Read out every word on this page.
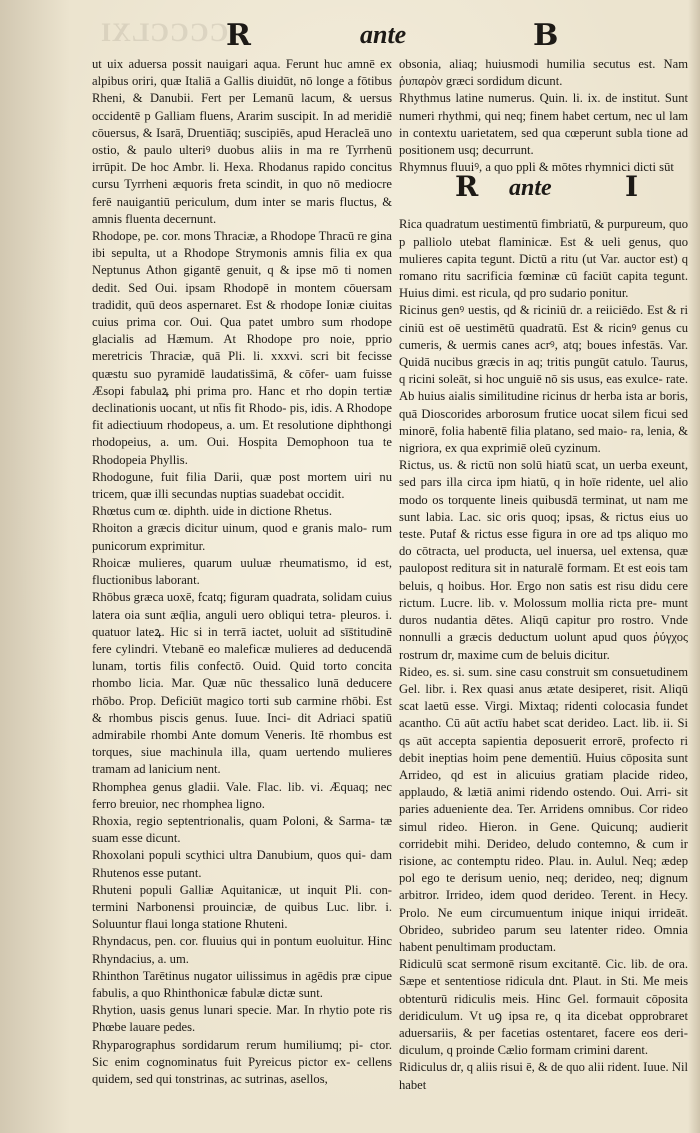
CCCCLXI
R	ante	B

ut uix aduersa possit nauigari aqua. Ferunt huc amnē ex alpibus oriri, quæ Italiā a Gallis diuidūt, nō longe a fōtibus Rheni, & Danubii. Fert per Lemanū lacum, & uersus occidentē p Galliam fluens, Ararim suscipit. In ad meridiē cōuersus, & Isarā, Druentiāq; suscipiēs, apud Heracleā uno ostio, & paulo ulteriꝰ duobus aliis in ma re Tyrrhenū irrūpit. De hoc Ambr. li. Hexa. Rhodanus rapido concitus cursu Tyrrheni æquoris freta scindit, in quo nō mediocre ferē nauigantiū periculum, dum inter se maris fluctus, & amnis fluenta decernunt.

Rhodope, pe. cor. mons Thraciæ, a Rhodope Thracū re gina ibi sepulta, ut a Rhodope Strymonis amnis filia ex qua Neptunus Athon gigantē genuit, q & ipse mō ti nomen dedit. Sed Oui. ipsam Rhodopē in montem cōuersam tradidit, quū deos aspernaret. Est & rhodope Ioniæ ciuitas cuius prima cor. Oui. Qua patet umbro sum rhodope glacialis ad Hæmum. At Rhodope pro noie, pprio meretricis Thraciæ, quā Pli. li. xxxvi. scri bit fecisse quæstu suo pyramidē laudatiss̄imā, & cōfer- uam fuisse Æsopi fabulaꝝ phi prima pro. Hanc et rho dopin tertiæ declinationis uocant, ut nt̄is fit Rhodo- pis, idis. A Rhodope fit adiectiuum rhodopeus, a. um. Et resolutione diphthongi rhodopeius, a. um. Oui. Hospita Demophoon tua te Rhodopeia Phyllis.

Rhodogune, fuit filia Darii, quæ post mortem uiri nu tricem, quæ illi secundas nuptias suadebat occidit.

Rhœtus cum œ. diphth. uide in dictione Rhetus.

Rhoiton a græcis dicitur uinum, quod e granis malo- rum punicorum exprimitur.

Rhoicæ mulieres, quarum uuluæ rheumatismo, id est, fluctionibus laborant.

Rhōbus græca uoxē, fcatq; figuram quadrata, solidam cuius latera oia sunt æq̄lia, anguli uero obliqui tetra- pleuros. i. quatuor lateꝝ. Hic si in terrā iactet, uoluit ad sīs̄titudinē fere cylindri. Vtebanē eo maleficæ mulieres ad deducendā lunam, tortis filis confectō. Ouid. Quid torto concita rhombo licia. Mar. Quæ nūc thessalico lunā deducere rhōbo. Prop. Deficiūt magico torti sub carmine rhōbi. Est & rhombus piscis genus. Iuue. Inci- dit Adriaci spatiū admirabile rhombi Ante domum Veneris. Itē rhombus est torques, siue machinula illa, quam uertendo mulieres tramam ad lanicium nent.

Rhomphea genus gladii. Vale. Flac. lib. vi. Æquaq; nec ferro breuior, nec rhomphea ligno.

Rhoxia, regio septentrionalis, quam Poloni, & Sarma- tæ suam esse dicunt.

Rhoxolani populi scythici ultra Danubium, quos qui- dam Rhutenos esse putant.

Rhuteni populi Galliæ Aquitanicæ, ut inquit Pli. con- termini Narbonensi prouinciæ, de quibus Luc. libr. i. Soluuntur flaui longa statione Rhuteni.

Rhyndacus, pen. cor. fluuius qui in pontum euoluitur. Hinc Rhyndacius, a. um.

Rhinthon Tarētinus nugator uilissimus in agēdis præ cipue fabulis, a quo Rhinthonicæ fabulæ dictæ sunt.

Rhytion, uasis genus lunari specie. Mar. In rhytio pote ris Phœbe lauare pedes.

Rhyparographus sordidarum rerum humiliumq; pi- ctor. Sic enim cognominatus fuit Pyreicus pictor ex- cellens quidem, sed qui tonstrinas, ac sutrinas, asellos,

obsonia, aliaq; huiusmodi humilia secutus est. Nam ῥυπαρὸν græci sordidum dicunt.

Rhythmus latine numerus. Quin. li. ix. de institut. Sunt numeri rhythmi, qui neq; finem habet certum, nec ul lam in contextu uarietatem, sed qua cœperunt subla tione ad positionem usq; decurrunt.

Rhymnus fluuiꝰ, a quo ppli & mōtes rhymnici dicti sūt

R ante	I

Rica quadratum uestimentū fimbriatū, & purpureum, quo p palliolo utebat flaminicæ. Est & ueli genus, quo mulieres capita tegunt. Dictū a ritu (ut Var. auctor est) q romano ritu sacrificia fœminæ cū faciūt capita tegunt. Huius dimi. est ricula, qd pro sudario ponitur.

Ricinus genꝰ uestis, qd & riciniū dr. a reiiciēdo. Est & ri ciniū est oē uestimētū quadratū. Est & ricinꝰ genus cu cumeris, & uermis canes acrꝰ, atq; boues infestās. Var. Quidā nucibus græcis in aq; tritis pungūt catulo. Taurus, q ricini soleāt, si hoc unguiē nō sis usus, eas exulce- rate. Ab huius aialis similitudine ricinus dr herba ista ar boris, quā Dioscorides arborosum frutice uocat silem ficui sed minorē, folia habentē filia platano, sed maio- ra, lenia, & nigriora, ex qua exprimiē oleū cyzinum.

Rictus, us. & rictū non solū hiatū scat, un uerba exeunt, sed pars illa circa ipm hiatū, q in hoīe ridente, uel alio modo os torquente lineis quibusdā terminat, ut nam me sunt labia. Lac. sic oris quoq; ipsas, & rictus eius uo teste. Putaf & rictus esse figura in ore ad tps aliquo mo do cōtracta, uel producta, uel inuersa, uel extensa, quæ paulopost reditura sit in naturalē formam. Et est eois tam beluis, q hoibus. Hor. Ergo non satis est risu didu cere rictum. Lucre. lib. v. Molossum mollia ricta pre- munt duros nudantia dētes. Aliqū capitur pro rostro. Vnde nonnulli a græcis deductum uolunt apud quos ῥύγχος rostrum dr, maxime cum de beluis dicitur.

Rideo, es. si. sum. sine casu construit sm consuetudinem Gel. libr. i. Rex quasi anus ætate desiperet, risit. Aliqū scat laetū esse. Virgi. Mixtaq; ridenti colocasia fundet acantho. Cū aūt actīu habet scat derideo. Lact. lib. ii. Si qs aūt accepta sapientia deposuerit errorē, profecto ri debit ineptias hoim pene dementiū. Huius cōposita sunt Arrideo, qd est in alicuius gratiam placide rideo, applaudo, & lætiā animi ridendo ostendo. Oui. Arri- sit paries adueniente dea. Ter. Arridens omnibus. Cor rideo simul rideo. Hieron. in Gene. Quicunq; audierit corridebit mihi. Derideo, deludo contemno, & cum ir risione, ac contemptu rideo. Plau. in. Aulul. Neq; ædep pol ego te derisum uenio, neq; derideo, neq; dignum arbitror. Irrideo, idem quod derideo. Terent. in Hecy. Prolo. Ne eum circumuentum inique iniqui irrideāt. Obrideo, subrideo parum seu latenter rideo. Omnia habent penultimam productam.

Ridiculū scat sermonē risum excitantē. Cic. lib. de ora. Sæpe et sententiose ridicula dnt. Plaut. in Sti. Me meis obtenturū ridiculis meis. Hinc Gel. formauit cōposita deridiculum. Vt uꝯ ipsa re, q ita dicebat opprobraret aduersariis, & per facetias ostentaret, facere eos deri- diculum, q proinde Cælio formam crimini darent.

Ridiculus dr, q aliis risui ē, & de quo alii rident. Iuue. Nil habet
